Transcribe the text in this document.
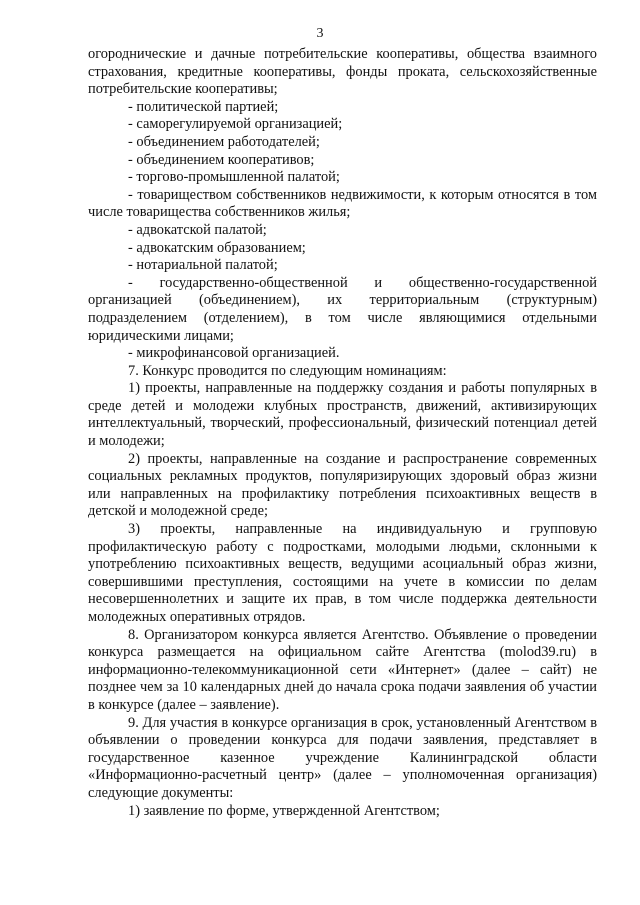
3

огороднические и дачные потребительские кооперативы, общества взаимного страхования, кредитные кооперативы, фонды проката, сельскохозяйственные потребительские кооперативы;

- политической партией;

- саморегулируемой организацией;

- объединением работодателей;

- объединением кооперативов;

- торгово-промышленной палатой;

- товариществом собственников недвижимости, к которым относятся в том числе товарищества собственников жилья;

- адвокатской палатой;

- адвокатским образованием;

- нотариальной палатой;

- государственно-общественной и общественно-государственной организацией (объединением), их территориальным (структурным) подразделением (отделением), в том числе являющимися отдельными юридическими лицами;

- микрофинансовой организацией.

7. Конкурс проводится по следующим номинациям:

1) проекты, направленные на поддержку создания и работы популярных в среде детей и молодежи клубных пространств, движений, активизирующих интеллектуальный, творческий, профессиональный, физический потенциал детей и молодежи;

2) проекты, направленные на создание и распространение современных социальных рекламных продуктов, популяризирующих здоровый образ жизни или направленных на профилактику потребления психоактивных веществ в детской и молодежной среде;

3) проекты, направленные на индивидуальную и групповую профилактическую работу с подростками, молодыми людьми, склонными к употреблению психоактивных веществ, ведущими асоциальный образ жизни, совершившими преступления, состоящими на учете в комиссии по делам несовершеннолетних и защите их прав, в том числе поддержка деятельности молодежных оперативных отрядов.

8. Организатором конкурса является Агентство. Объявление о проведении конкурса размещается на официальном сайте Агентства (molod39.ru) в информационно-телекоммуникационной сети «Интернет» (далее – сайт) не позднее чем за 10 календарных дней до начала срока подачи заявления об участии в конкурсе (далее – заявление).

9. Для участия в конкурсе организация в срок, установленный Агентством в объявлении о проведении конкурса для подачи заявления, представляет в государственное казенное учреждение Калининградской области «Информационно-расчетный центр» (далее – уполномоченная организация) следующие документы:

1) заявление по форме, утвержденной Агентством;
